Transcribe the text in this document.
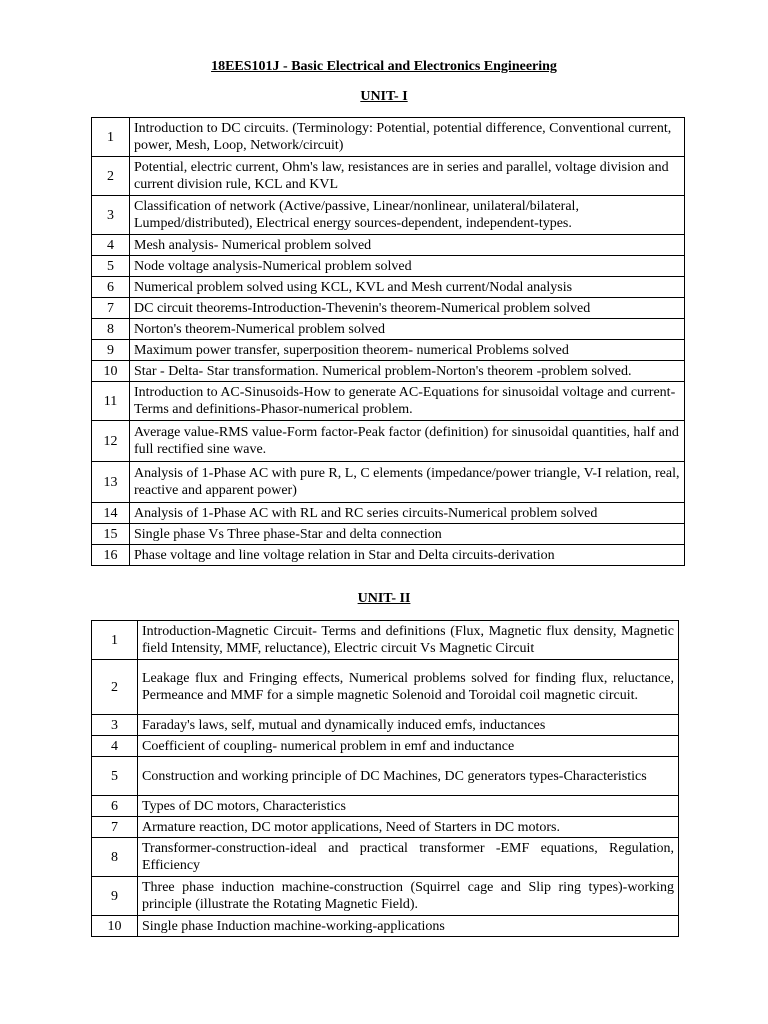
18EES101J - Basic Electrical and Electronics Engineering
UNIT- I
1	Introduction to DC circuits. (Terminology: Potential, potential difference, Conventional current, power, Mesh, Loop, Network/circuit)
2	Potential, electric current, Ohm's law, resistances are in series and parallel, voltage division and current division rule, KCL and KVL
3	Classification of network (Active/passive, Linear/nonlinear, unilateral/bilateral, Lumped/distributed), Electrical energy sources-dependent, independent-types.
4	Mesh analysis- Numerical problem solved
5	Node voltage analysis-Numerical problem solved
6	Numerical problem solved using KCL, KVL and Mesh current/Nodal analysis
7	DC circuit theorems-Introduction-Thevenin's theorem-Numerical problem solved
8	Norton's theorem-Numerical problem solved
9	Maximum power transfer, superposition theorem- numerical Problems solved
10	Star - Delta- Star transformation. Numerical problem-Norton's theorem -problem solved.
11	Introduction to AC-Sinusoids-How to generate AC-Equations for sinusoidal voltage and current-Terms and definitions-Phasor-numerical problem.
12	Average value-RMS value-Form factor-Peak factor (definition) for sinusoidal quantities, half and full rectified sine wave.
13	Analysis of 1-Phase AC with pure R, L, C elements (impedance/power triangle, V-I relation, real, reactive and apparent power)
14	Analysis of 1-Phase AC with RL and RC series circuits-Numerical problem solved
15	Single phase Vs Three phase-Star and delta connection
16	Phase voltage and line voltage relation in Star and Delta circuits-derivation
UNIT- II
1	Introduction-Magnetic Circuit- Terms and definitions (Flux, Magnetic flux density, Magnetic field Intensity, MMF, reluctance), Electric circuit Vs Magnetic Circuit
2	Leakage flux and Fringing effects, Numerical problems solved for finding flux, reluctance, Permeance and MMF for a simple magnetic Solenoid and Toroidal coil magnetic circuit.
3	Faraday's laws, self, mutual and dynamically induced emfs, inductances
4	Coefficient of coupling- numerical problem in emf and inductance
5	Construction and working principle of DC Machines, DC generators types-Characteristics
6	Types of DC motors, Characteristics
7	Armature reaction, DC motor applications, Need of Starters in DC motors.
8	Transformer-construction-ideal and practical transformer -EMF equations, Regulation, Efficiency
9	Three phase induction machine-construction (Squirrel cage and Slip ring types)-working principle (illustrate the Rotating Magnetic Field).
10	Single phase Induction machine-working-applications
